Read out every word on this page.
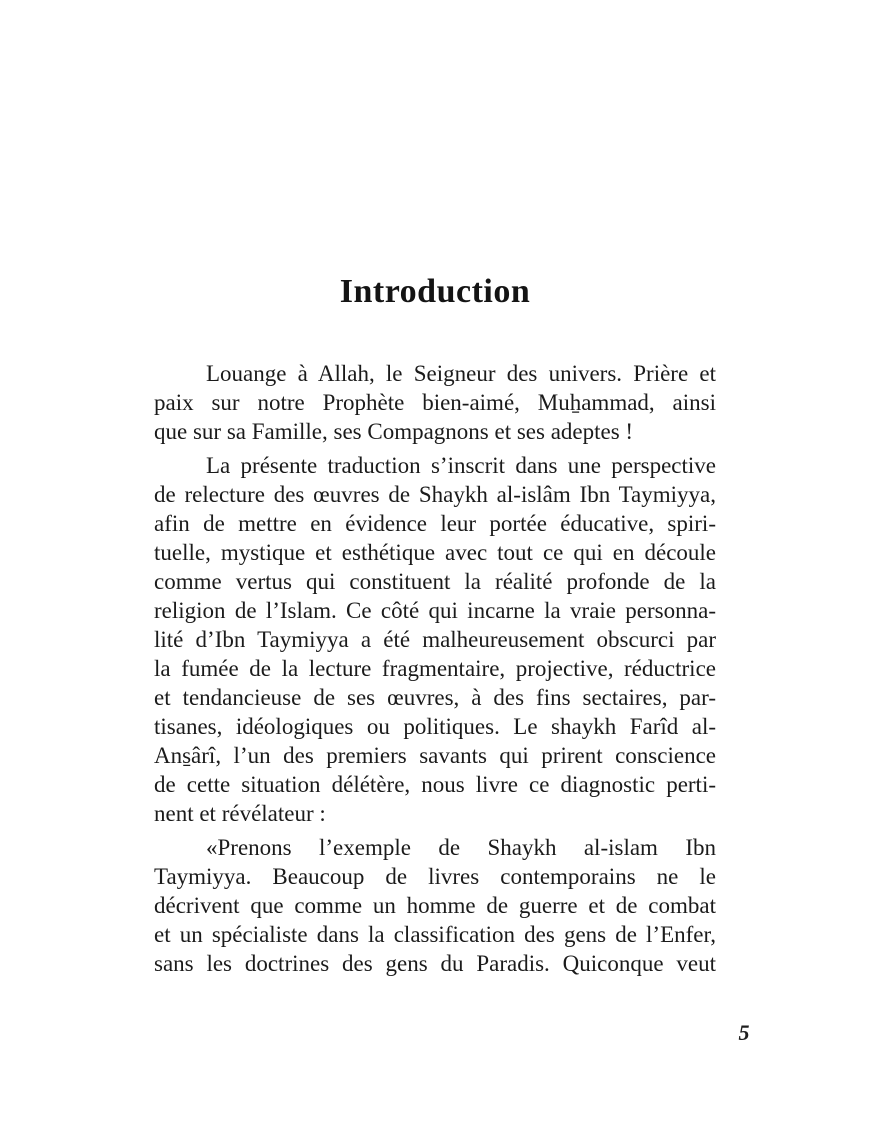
Introduction
Louange à Allah, le Seigneur des univers. Prière et
paix sur notre Prophète bien-aimé, Muẖammad, ainsi
que sur sa Famille, ses Compagnons et ses adeptes !
La présente traduction s’inscrit dans une perspective
de relecture des œuvres de Shaykh al-islâm Ibn Taymiyya,
afin de mettre en évidence leur portée éducative, spiri-
tuelle, mystique et esthétique avec tout ce qui en découle
comme vertus qui constituent la réalité profonde de la
religion de l’Islam. Ce côté qui incarne la vraie personna-
lité d’Ibn Taymiyya a été malheureusement obscurci par
la fumée de la lecture fragmentaire, projective, réductrice
et tendancieuse de ses œuvres, à des fins sectaires, par-
tisanes, idéologiques ou politiques. Le shaykh Farîd al-
Ans̱ârî, l’un des premiers savants qui prirent conscience
de cette situation délétère, nous livre ce diagnostic perti-
nent et révélateur :
«Prenons l’exemple de Shaykh al-islam Ibn
Taymiyya. Beaucoup de livres contemporains ne le
décrivent que comme un homme de guerre et de combat
et un spécialiste dans la classification des gens de l’Enfer,
sans les doctrines des gens du Paradis. Quiconque veut
5
